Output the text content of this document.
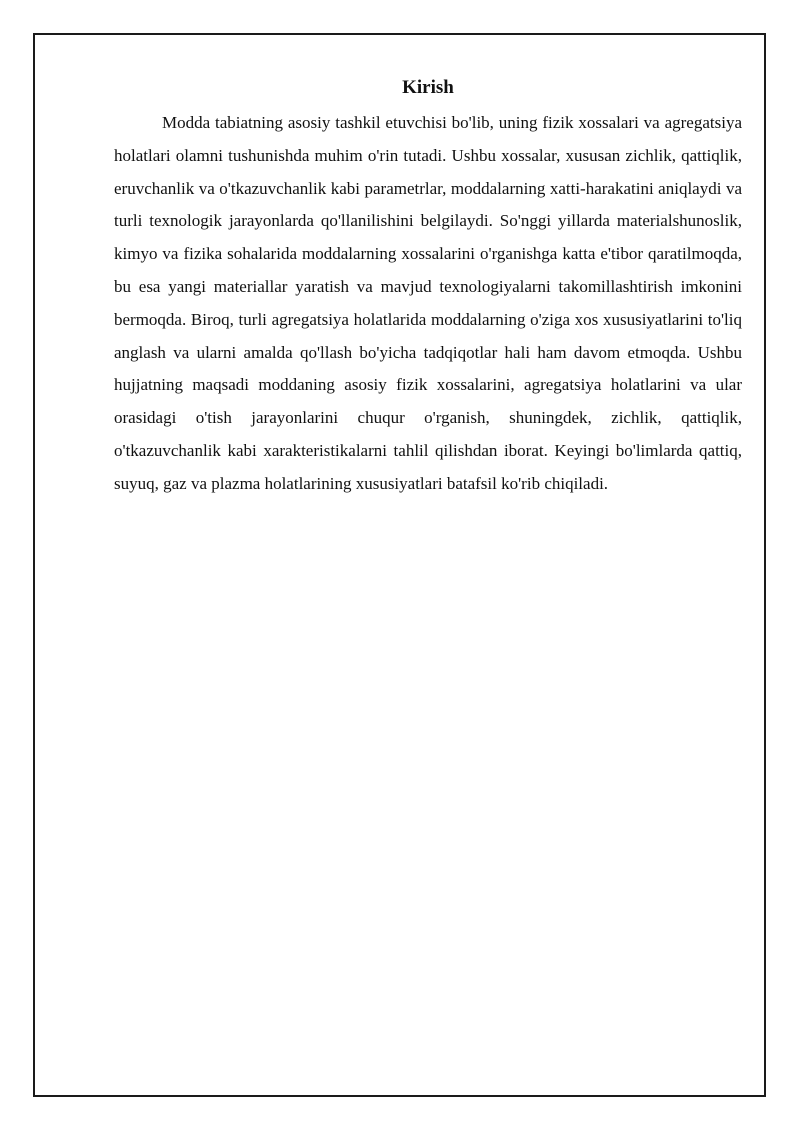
Kirish

Modda tabiatning asosiy tashkil etuvchisi bo'lib, uning fizik xossalari va agregatsiya holatlari olamni tushunishda muhim o'rin tutadi. Ushbu xossalar, xususan zichlik, qattiqlik, eruvchanlik va o'tkazuvchanlik kabi parametrlar, moddalarning xatti-harakatini aniqlaydi va turli texnologik jarayonlarda qo'llanilishini belgilaydi. So'nggi yillarda materialshunoslik, kimyo va fizika sohalarida moddalarning xossalarini o'rganishga katta e'tibor qaratilmoqda, bu esa yangi materiallar yaratish va mavjud texnologiyalarni takomillashtirish imkonini bermoqda. Biroq, turli agregatsiya holatlarida moddalarning o'ziga xos xususiyatlarini to'liq anglash va ularni amalda qo'llash bo'yicha tadqiqotlar hali ham davom etmoqda. Ushbu hujjatning maqsadi moddaning asosiy fizik xossalarini, agregatsiya holatlarini va ular orasidagi o'tish jarayonlarini chuqur o'rganish, shuningdek, zichlik, qattiqlik, o'tkazuvchanlik kabi xarakteristikalarni tahlil qilishdan iborat. Keyingi bo'limlarda qattiq, suyuq, gaz va plazma holatlarining xususiyatlari batafsil ko'rib chiqiladi.
